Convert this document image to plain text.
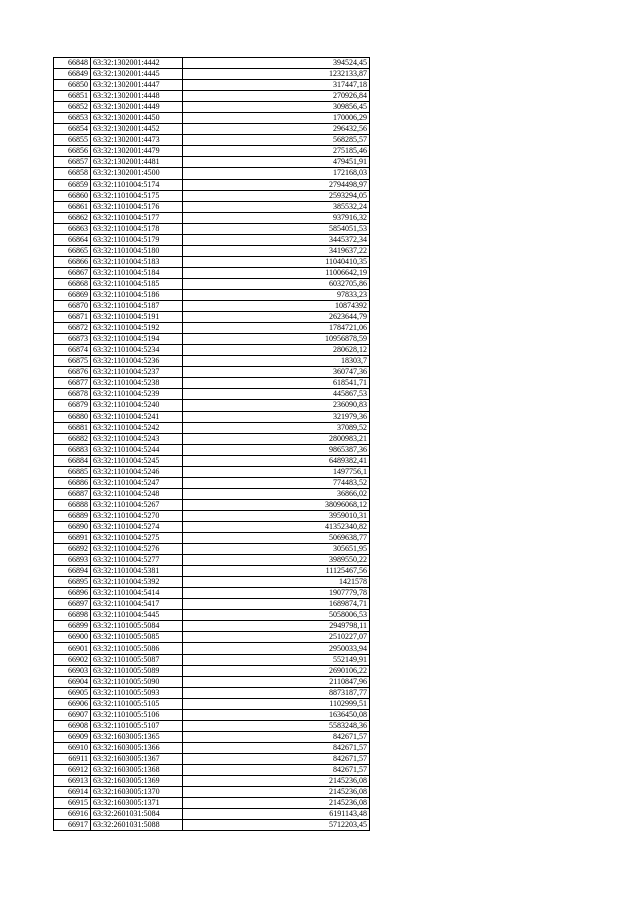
66848	63:32:1302001:4442	394524,45
66849	63:32:1302001:4445	1232133,87
66850	63:32:1302001:4447	317447,18
66851	63:32:1302001:4448	270926,84
66852	63:32:1302001:4449	309856,45
66853	63:32:1302001:4450	170006,29
66854	63:32:1302001:4452	296432,56
66855	63:32:1302001:4473	568285,57
66856	63:32:1302001:4479	275185,46
66857	63:32:1302001:4481	479451,91
66858	63:32:1302001:4500	172168,03
66859	63:32:1101004:5174	2794498,97
66860	63:32:1101004:5175	2593294,05
66861	63:32:1101004:5176	385532,24
66862	63:32:1101004:5177	937916,32
66863	63:32:1101004:5178	5854051,53
66864	63:32:1101004:5179	3445372,34
66865	63:32:1101004:5180	3419637,22
66866	63:32:1101004:5183	11040410,35
66867	63:32:1101004:5184	11006642,19
66868	63:32:1101004:5185	6032705,86
66869	63:32:1101004:5186	97833,23
66870	63:32:1101004:5187	10874392
66871	63:32:1101004:5191	2623644,79
66872	63:32:1101004:5192	1784721,06
66873	63:32:1101004:5194	10956878,59
66874	63:32:1101004:5234	280628,12
66875	63:32:1101004:5236	18303,7
66876	63:32:1101004:5237	360747,36
66877	63:32:1101004:5238	618541,71
66878	63:32:1101004:5239	445867,53
66879	63:32:1101004:5240	236090,83
66880	63:32:1101004:5241	321979,36
66881	63:32:1101004:5242	37089,52
66882	63:32:1101004:5243	2800983,21
66883	63:32:1101004:5244	9865387,36
66884	63:32:1101004:5245	6489382,41
66885	63:32:1101004:5246	1497756,1
66886	63:32:1101004:5247	774483,52
66887	63:32:1101004:5248	36866,02
66888	63:32:1101004:5267	38096068,12
66889	63:32:1101004:5270	3959010,31
66890	63:32:1101004:5274	41352340,82
66891	63:32:1101004:5275	5069638,77
66892	63:32:1101004:5276	305651,95
66893	63:32:1101004:5277	3989550,22
66894	63:32:1101004:5381	11125467,56
66895	63:32:1101004:5392	1421578
66896	63:32:1101004:5414	1907779,78
66897	63:32:1101004:5417	1689874,71
66898	63:32:1101004:5445	5058006,53
66899	63:32:1101005:5084	2949798,11
66900	63:32:1101005:5085	2510227,07
66901	63:32:1101005:5086	2950033,94
66902	63:32:1101005:5087	552149,91
66903	63:32:1101005:5089	2690106,22
66904	63:32:1101005:5090	2110847,96
66905	63:32:1101005:5093	8873187,77
66906	63:32:1101005:5105	1102999,51
66907	63:32:1101005:5106	1636450,08
66908	63:32:1101005:5107	5583248,36
66909	63:32:1603005:1365	842671,57
66910	63:32:1603005:1366	842671,57
66911	63:32:1603005:1367	842671,57
66912	63:32:1603005:1368	842671,57
66913	63:32:1603005:1369	2145236,08
66914	63:32:1603005:1370	2145236,08
66915	63:32:1603005:1371	2145236,08
66916	63:32:2601031:5084	6191143,48
66917	63:32:2601031:5088	5712203,45
